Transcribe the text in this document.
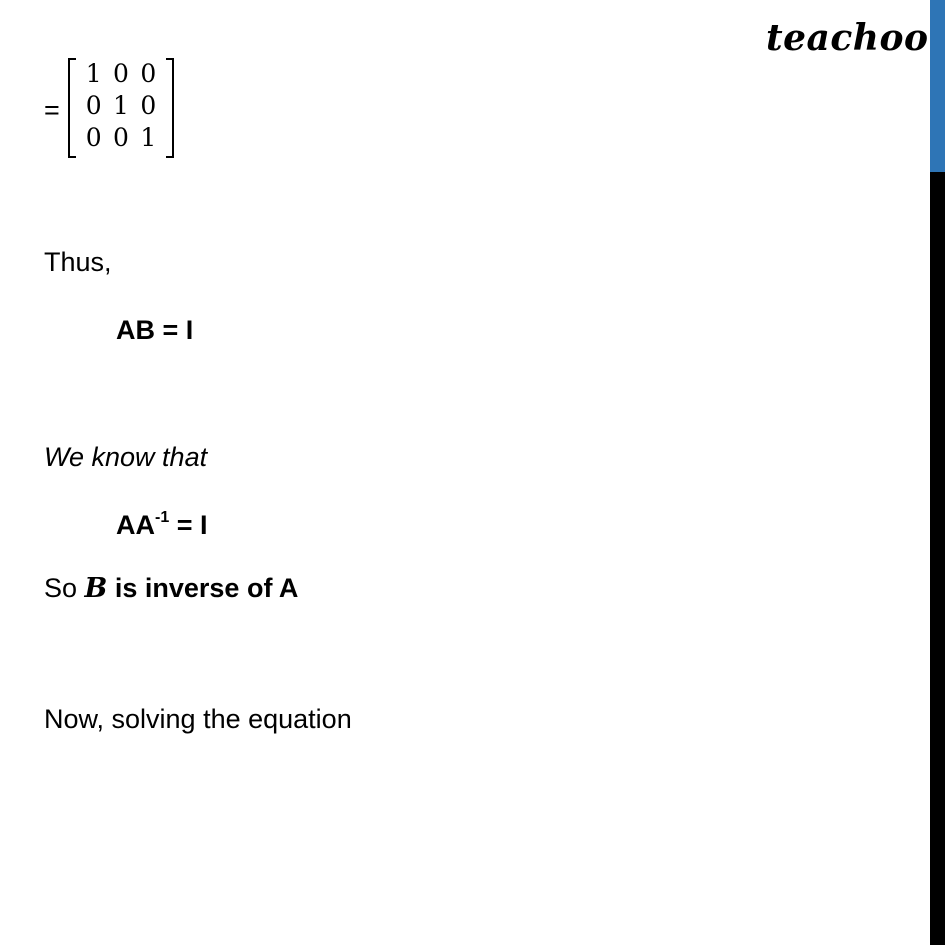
teachoo
=
1 0 0
0 1 0
0 0 1
Thus,
AB = I
We know that
$AA^{-1} = I$
So B is inverse of A
Now, solving the equation
